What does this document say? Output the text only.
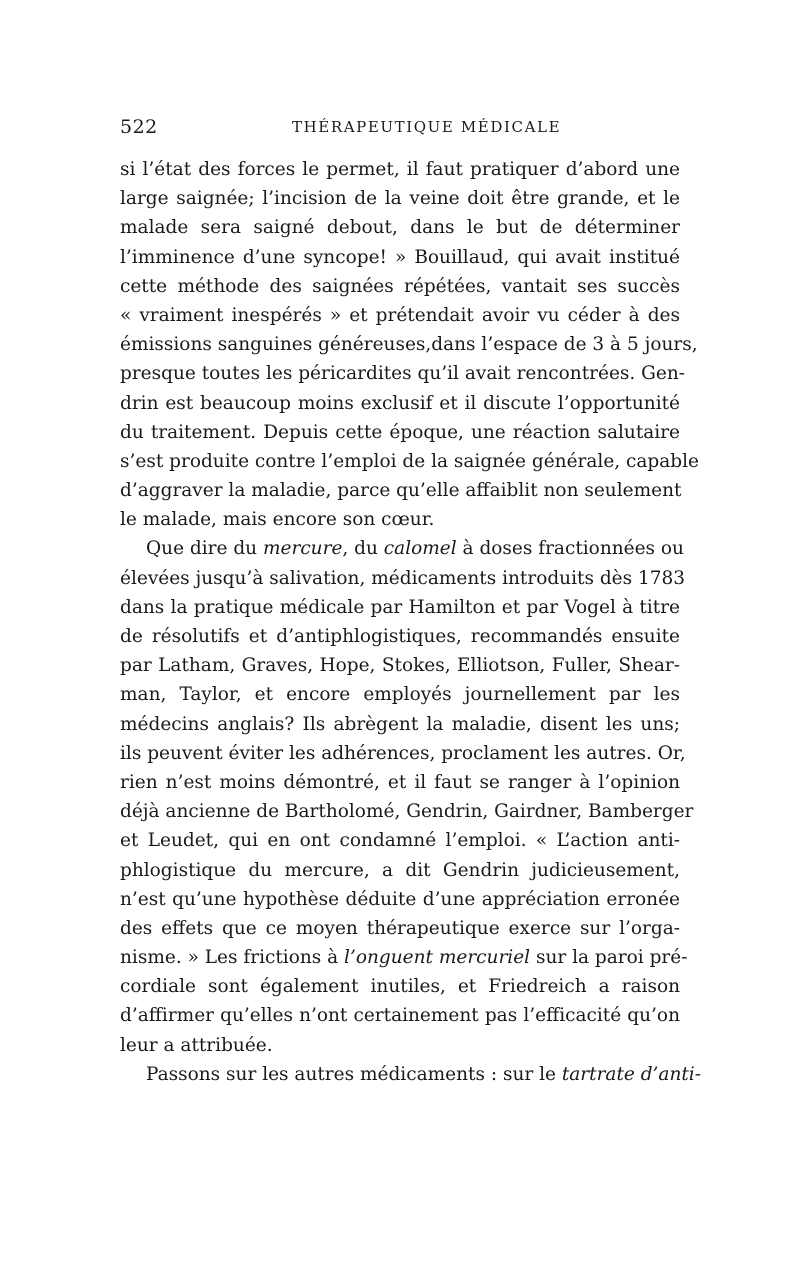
522	THÉRAPEUTIQUE MÉDICALE
si l’état des forces le permet, il faut pratiquer d’abord une
large saignée; l’incision de la veine doit être grande, et le
malade sera saigné debout, dans le but de déterminer
l’imminence d’une syncope! » Bouillaud, qui avait institué
cette méthode des saignées répétées, vantait ses succès
« vraiment inespérés » et prétendait avoir vu céder à des
émissions sanguines généreuses,dans l’espace de 3 à 5 jours,
presque toutes les péricardites qu’il avait rencontrées. Gen-
drin est beaucoup moins exclusif et il discute l’opportunité
du traitement. Depuis cette époque, une réaction salutaire
s’est produite contre l’emploi de la saignée générale, capable
d’aggraver la maladie, parce qu’elle affaiblit non seulement
le malade, mais encore son cœur.
Que dire du mercure, du calomel à doses fractionnées ou
élevées jusqu’à salivation, médicaments introduits dès 1783
dans la pratique médicale par Hamilton et par Vogel à titre
de résolutifs et d’antiphlogistiques, recommandés ensuite
par Latham, Graves, Hope, Stokes, Elliotson, Fuller, Shear-
man, Taylor, et encore employés journellement par les
médecins anglais? Ils abrègent la maladie, disent les uns;
ils peuvent éviter les adhérences, proclament les autres. Or,
rien n’est moins démontré, et il faut se ranger à l’opinion
déjà ancienne de Bartholomé, Gendrin, Gairdner, Bamberger
et Leudet, qui en ont condamné l’emploi. « L’action anti-
phlogistique du mercure, a dit Gendrin judicieusement,
n’est qu’une hypothèse déduite d’une appréciation erronée
des effets que ce moyen thérapeutique exerce sur l’orga-
nisme. » Les frictions à l’onguent mercuriel sur la paroi pré-
cordiale sont également inutiles, et Friedreich a raison
d’affirmer qu’elles n’ont certainement pas l’efficacité qu’on
leur a attribuée.
Passons sur les autres médicaments : sur le tartrate d’anti-
